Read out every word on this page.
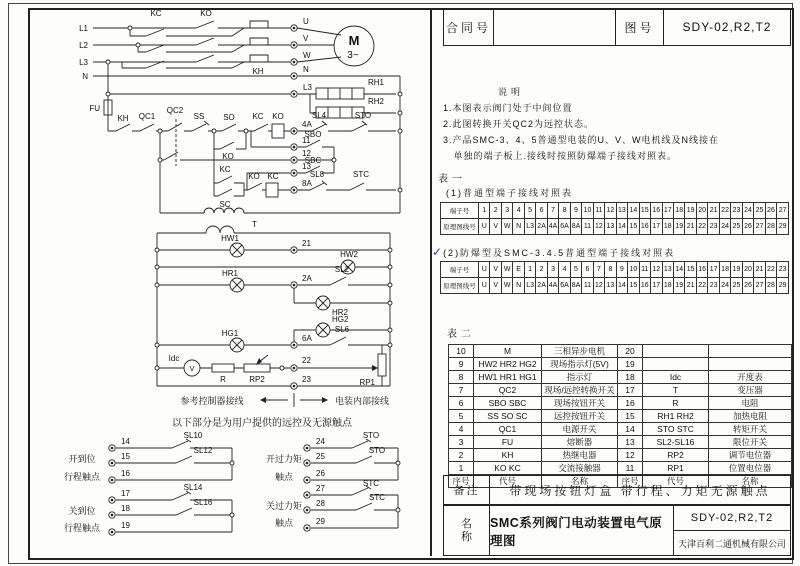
L1
L2
L3
N
KC	KO
KH
U
V
W
N
L3
M
3~
RH1
RH2
FU
KH QC1
QC2
SS SO
KO
KC KO
4A
SL4	STO
11
SBO
12
13
SBC
KC
SC
KO KC
8A
SL8	STC
T
HW1
21
HW2
HR1
2A
SL2
HR2
HG2
HG1
6A
SL6
Idc
V
R	RP2
22
23	RP1
参考控制器接线	电装内部接线
以下部分是为用户提供的远控及无源触点
开到位
行程触点
14
15
16
SL10
SL12
关到位
行程触点
17
18
19
SL14
SL16
开过力矩
触点
24
25
26
STO
STO
关过力矩
触点
27
28
29
STC
STC
合同号	图号	SDY-02,R2,T2
说明
1.本图表示阀门处于中间位置
2.此图转换开关QC2为远控状态。
3.产品SMC-3、4、5普通型电装的U、V、W电机线及N线接在
单独的端子板上.接线时按照防爆端子接线对照表。
表一
(1)普通型端子接线对照表
端子号	1	2	3	4	5	6	7	8	9	10	11	12	13	14	15	16	17	18	19	20	21	22	23	24	25	26	27
原理图线号	U	V	W	N	L3	2A	4A	6A	8A	11	12	13	14	15	16	17	18	19	21	22	23	24	25	26	27	28	29
✓(2)防爆型及SMC-3.4.5普通型端子接线对照表
端子号	U	V	W	E	1	2	3	4	5	6	7	8	9	10	11	12	13	14	15	16	17	18	19	20	21	22	23
原理图线号	U	V	W	N	L3	2A	4A	6A	8A	11	12	13	14	15	16	17	18	19	21	22	23	24	25	26	27	28	29
表二
10	M	三相异步电机	20		
9	HW2 HR2 HG2	现场指示灯(5V)	19		
8	HW1 HR1 HG1	指示灯	18	Idc	开度表
7	QC2	现场/远控转换开关	17	T	变压器
6	SBO SBC	现场按钮开关	16	R	电阻
5	SS SO SC	远控按钮开关	15	RH1 RH2	加热电阻
4	QC1	电源开关	14	STO STC	转矩开关
3	FU	熔断器	13	SL2-SL16	限位开关
2	KH	热继电器	12	RP2	调节电位器
1	KO KC	交流接触器	11	RP1	位置电位器
序号	代号	名称	序号	代号	名称
备注	带现场按钮灯盒 带行程、力矩无源触点
名
称
SMC系列阀门电动装置电气原理图
SDY-02,R2,T2
天津百利二通机械有限公司
